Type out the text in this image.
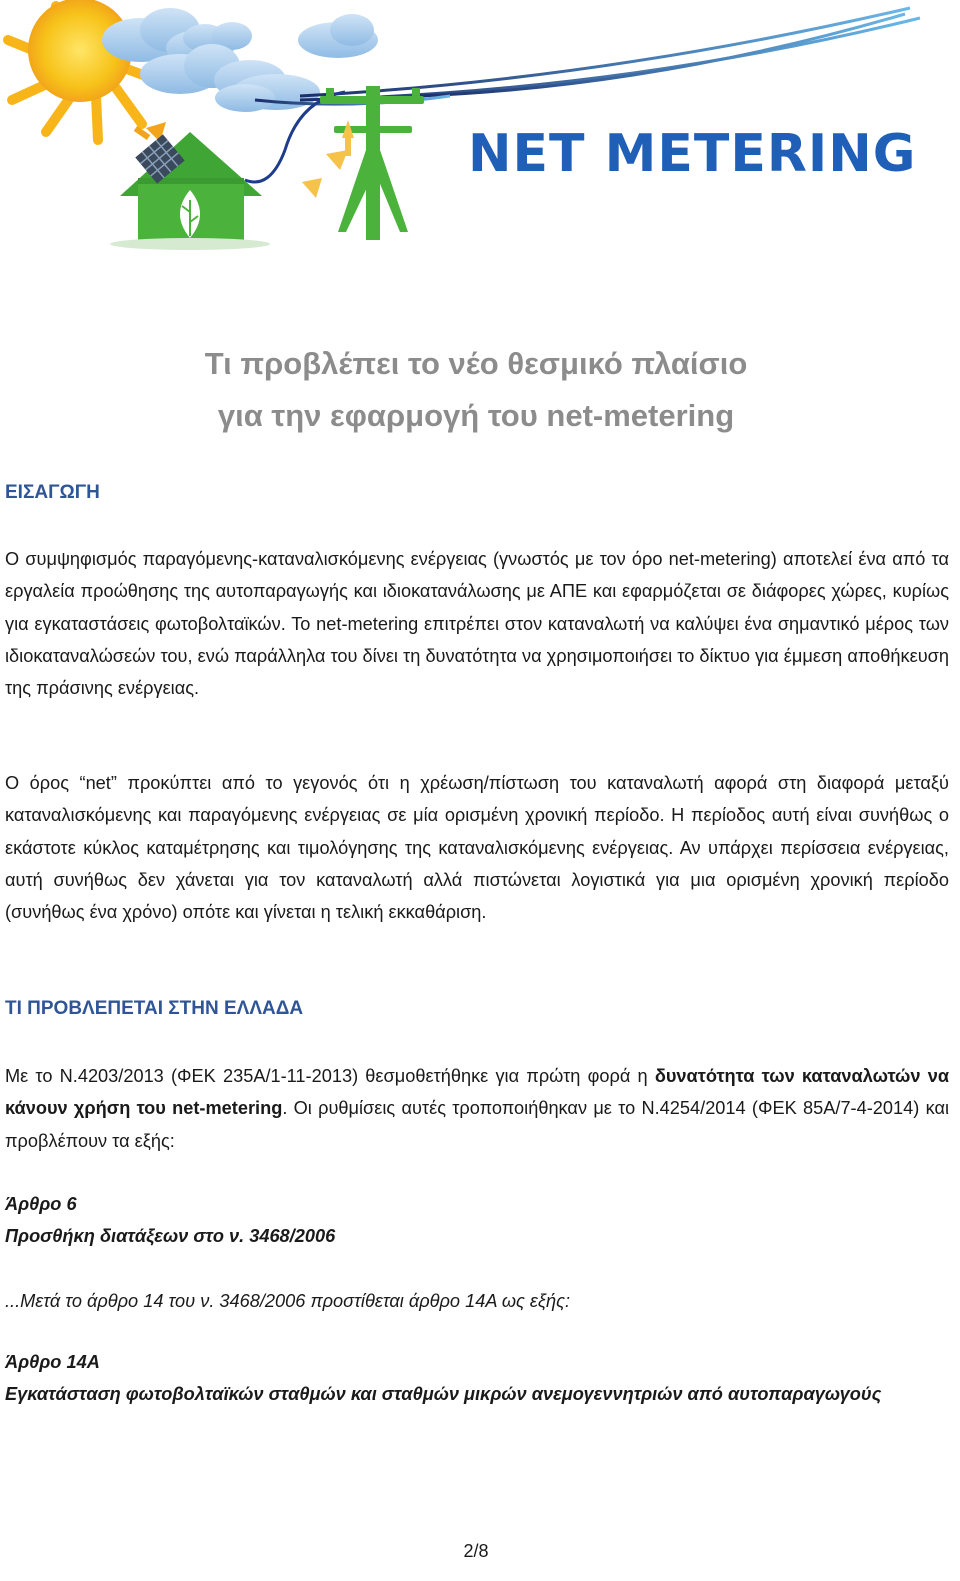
NET METERING
Τι προβλέπει το νέο θεσμικό πλαίσιο
για την εφαρμογή του net-metering
ΕΙΣΑΓΩΓΗ

Ο συμψηφισμός παραγόμενης-καταναλισκόμενης ενέργειας (γνωστός με τον όρο net-metering) αποτελεί ένα από τα εργαλεία προώθησης της αυτοπαραγωγής και ιδιοκατανάλωσης με ΑΠΕ και εφαρμόζεται σε διάφορες χώρες, κυρίως για εγκαταστάσεις φωτοβολταϊκών. Το net-metering επιτρέπει στον καταναλωτή να καλύψει ένα σημαντικό μέρος των ιδιοκαταναλώσεών του, ενώ παράλληλα του δίνει τη δυνατότητα να χρησιμοποιήσει το δίκτυο για έμμεση αποθήκευση της πράσινης ενέργειας.

Ο όρος “net” προκύπτει από το γεγονός ότι η χρέωση/πίστωση του καταναλωτή αφορά στη διαφορά μεταξύ καταναλισκόμενης και παραγόμενης ενέργειας σε μία ορισμένη χρονική περίοδο. Η περίοδος αυτή είναι συνήθως ο εκάστοτε κύκλος καταμέτρησης και τιμολόγησης της καταναλισκόμενης ενέργειας. Αν υπάρχει περίσσεια ενέργειας, αυτή συνήθως δεν χάνεται για τον καταναλωτή αλλά πιστώνεται λογιστικά για μια ορισμένη χρονική περίοδο (συνήθως ένα χρόνο) οπότε και γίνεται η τελική εκκαθάριση.

ΤΙ ΠΡΟΒΛΕΠΕΤΑΙ ΣΤΗΝ ΕΛΛΑΔΑ

Με το Ν.4203/2013 (ΦΕΚ 235Α/1-11-2013) θεσμοθετήθηκε για πρώτη φορά η δυνατότητα των καταναλωτών να κάνουν χρήση του net-metering. Οι ρυθμίσεις αυτές τροποποιήθηκαν με το Ν.4254/2014 (ΦΕΚ 85Α/7-4-2014) και προβλέπουν τα εξής:

Άρθρο 6
Προσθήκη διατάξεων στο ν. 3468/2006
...Μετά το άρθρο 14 του ν. 3468/2006 προστίθεται άρθρο 14Α ως εξής:
Άρθρο 14Α

Εγκατάσταση φωτοβολταϊκών σταθμών και σταθμών μικρών ανεμογεννητριών από αυτοπαραγωγούς

2/8
